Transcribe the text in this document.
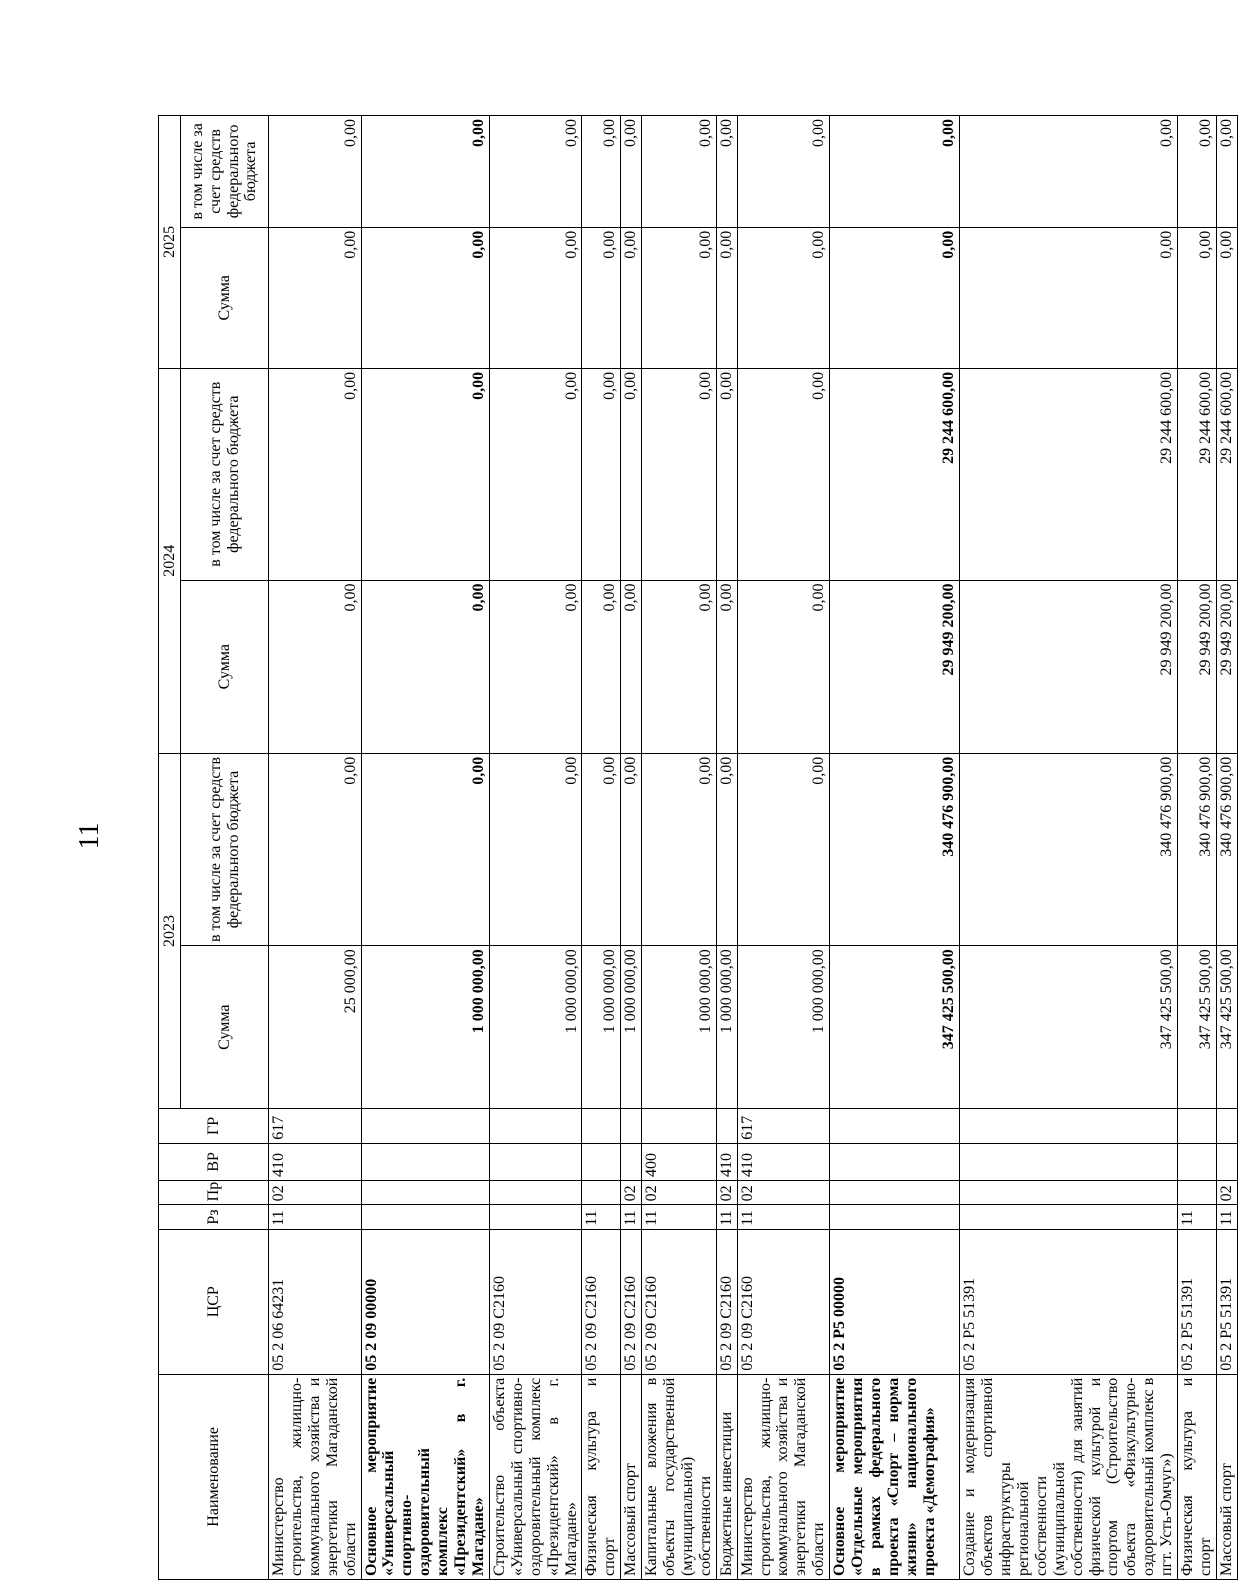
11
Наименование	ЦСР	Рз	Пр	ВР	ГР	2023		2024		2025	
						Сумма	в том числе за счет средств федерального бюджета	Сумма	в том числе за счет средств федерального бюджета	Сумма	в том числе за счет средств федерального бюджета
Министерство строительства, жилищно-коммунального хозяйства и энергетики Магаданской области	05 2 06 64231	11	02	410	617	25 000,00	0,00	0,00	0,00	0,00	0,00
Основное мероприятие «Универсальный спортивно-оздоровительный комплекс «Президентский» в г. Магадане»	05 2 09 00000					1 000 000,00	0,00	0,00	0,00	0,00	0,00
Строительство объекта «Универсальный спортивно-оздоровительный комплекс «Президентский» в г. Магадане»	05 2 09 С2160					1 000 000,00	0,00	0,00	0,00	0,00	0,00
Физическая культура и спорт	05 2 09 С2160	11				1 000 000,00	0,00	0,00	0,00	0,00	0,00
Массовый спорт	05 2 09 С2160	11	02			1 000 000,00	0,00	0,00	0,00	0,00	0,00
Капитальные вложения в объекты государственной (муниципальной) собственности	05 2 09 С2160	11	02	400		1 000 000,00	0,00	0,00	0,00	0,00	0,00
Бюджетные инвестиции	05 2 09 С2160	11	02	410		1 000 000,00	0,00	0,00	0,00	0,00	0,00
Министерство строительства, жилищно-коммунального хозяйства и энергетики Магаданской области	05 2 09 С2160	11	02	410	617	1 000 000,00	0,00	0,00	0,00	0,00	0,00
Основное мероприятие «Отдельные мероприятия в рамках федерального проекта «Спорт – норма жизни» национального проекта «Демография»	05 2 Р5 00000					347 425 500,00	340 476 900,00	29 949 200,00	29 244 600,00	0,00	0,00
Создание и модернизация объектов спортивной инфраструктуры региональной собственности (муниципальной собственности) для занятий физической культурой и спортом (Строительство объекта «Физкультурно-оздоровительный комплекс в пгт. Усть-Омчуг»)	05 2 Р5 51391					347 425 500,00	340 476 900,00	29 949 200,00	29 244 600,00	0,00	0,00
Физическая культура и спорт	05 2 Р5 51391	11				347 425 500,00	340 476 900,00	29 949 200,00	29 244 600,00	0,00	0,00
Массовый спорт	05 2 Р5 51391	11	02			347 425 500,00	340 476 900,00	29 949 200,00	29 244 600,00	0,00	0,00
